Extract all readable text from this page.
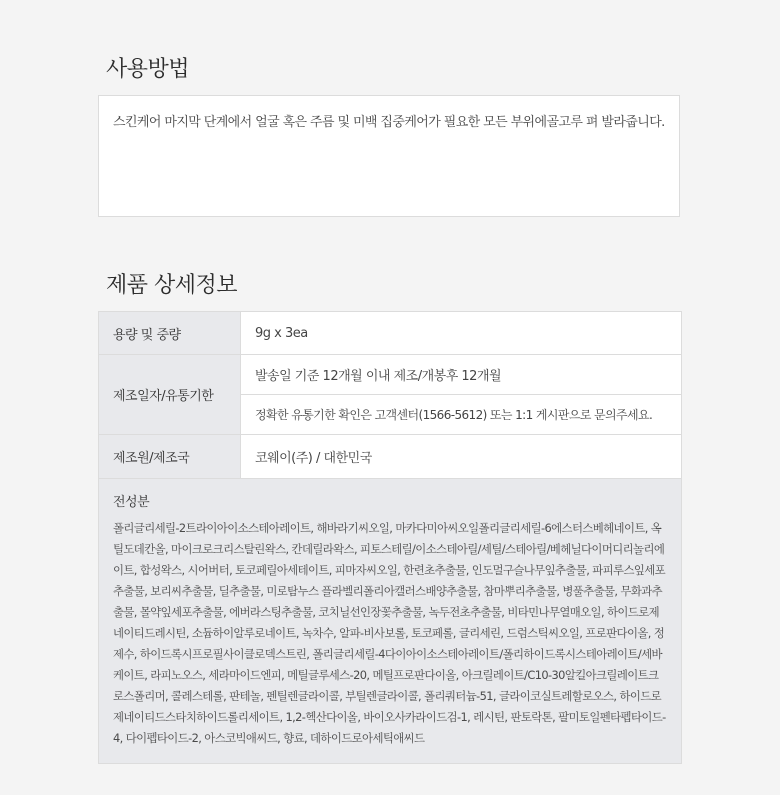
사용방법

스킨케어 마지막 단계에서 얼굴 혹은 주름 및 미백 집중케어가 필요한 모든 부위에골고루 펴 발라줍니다.

제품 상세정보
용량 및 중량	9g x 3ea
제조일자/유통기한
발송일 기준 12개월 이내 제조/개봉후 12개월
정확한 유통기한 확인은 고객센터(1566-5612) 또는 1:1 게시판으로 문의주세요.
제조원/제조국	코웨이(주) / 대한민국

전성분

폴리글리세릴-2트라이아이소스테아레이트, 해바라기씨오일, 마카다미아씨오일폴리글리세릴-6에스터스베헤네이트, 옥틸도데칸올, 마이크로크리스탈린왁스, 칸데릴라왁스, 피토스테릴/이소스테아릴/세틸/스테아릴/베헤닐다이머디리놀리에이트, 합성왁스, 시어버터, 토코페릴아세테이트, 피마자씨오일, 한련초추출물, 인도멀구슬나무잎추출물, 파피루스잎세포추출물, 보리씨추출물, 딜추출물, 미로탐누스 플라벨리폴리아캘러스배양추출물, 참마뿌리추출물, 병풀추출물, 무화과추출물, 몰약잎세포추출물, 에버라스팅추출물, 코치닐선인장꽃추출물, 녹두전초추출물, 비타민나무열매오일, 하이드로제네이티드레시틴, 소듐하이알루로네이트, 녹차수, 알파-비사보롤, 토코페롤, 글리세린, 드럼스틱씨오일, 프로판다이올, 정제수, 하이드록시프로필사이클로덱스트린, 폴리글리세릴-4다이아이소스테아레이트/폴리하이드록시스테아레이트/세바케이트, 라피노오스, 세라마이드엔피, 메틸글루세스-20, 메틸프로판다이올, 아크릴레이트/C10-30알킬아크릴레이트크로스폴리머, 콜레스테롤, 판테놀, 펜틸렌글라이콜, 부틸렌글라이콜, 폴리쿼터늄-51, 글라이코실트레할로오스, 하이드로제네이티드스타치하이드롤리세이트, 1,2-헥산다이올, 바이오사카라이드검-1, 레시틴, 판토락톤, 팔미토일펜타펩타이드-4, 다이펩타이드-2, 아스코빅애씨드, 향료, 데하이드로아세틱애씨드
